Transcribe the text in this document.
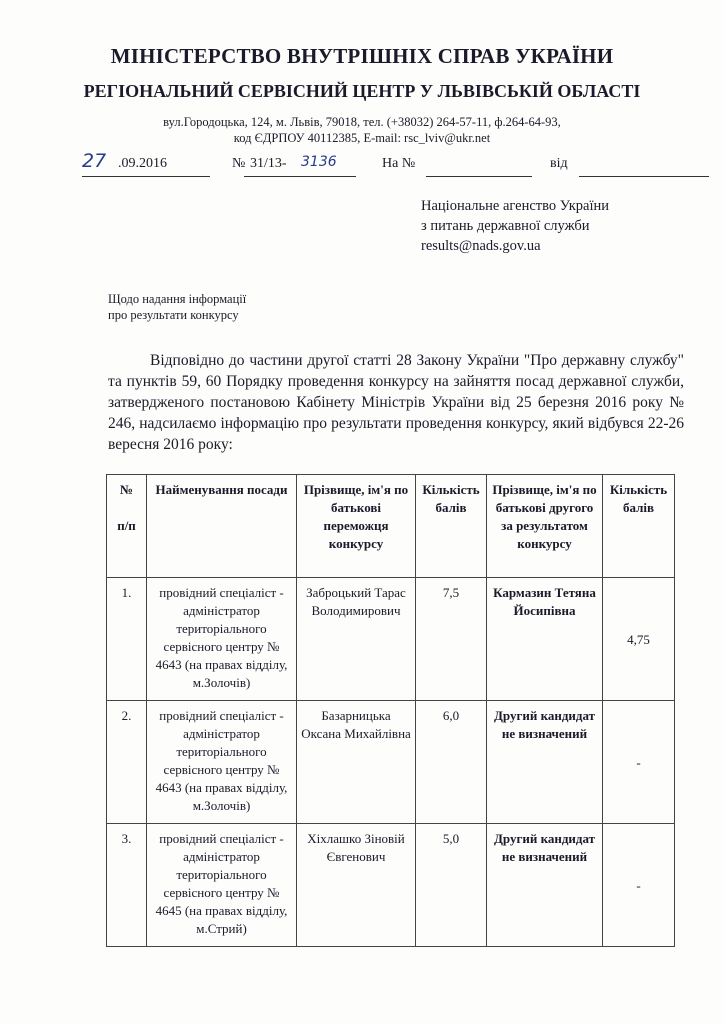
МІНІСТЕРСТВО ВНУТРІШНІХ СПРАВ УКРАЇНИ
РЕГІОНАЛЬНИЙ СЕРВІСНИЙ ЦЕНТР У ЛЬВІВСЬКІЙ ОБЛАСТІ
вул.Городоцька, 124, м. Львів, 79018, тел. (+38032) 264-57-11, ф.264-64-93,
код ЄДРПОУ 40112385, E-mail: rsc_lviv@ukr.net
27 .09.2016	№ 31/13- 3136	На №	від
Національне агенство України
з питань державної служби
results@nads.gov.ua
Щодо надання інформації
про результати конкурсу

Відповідно до частини другої статті 28 Закону України "Про державну службу" та пунктів 59, 60 Порядку проведення конкурсу на зайняття посад державної служби, затвердженого постановою Кабінету Міністрів України від 25 березня 2016 року № 246, надсилаємо інформацію про результати проведення конкурсу, який відбувся 22-26 вересня 2016 року:

№

п/п	Найменування посади	Прізвище, ім'я по батькові переможця конкурсу	Кількість балів	Прізвище, ім'я по батькові другого за результатом конкурсу	Кількість балів
1.	провідний спеціаліст - адміністратор територіального сервісного центру № 4643 (на правах відділу, м.Золочів)	Заброцький Тарас Володимирович	7,5	Кармазин Тетяна Йосипівна	4,75
2.	провідний спеціаліст - адміністратор територіального сервісного центру № 4643 (на правах відділу, м.Золочів)	Базарницька Оксана Михайлівна	6,0	Другий кандидат не визначений	-
3.	провідний спеціаліст - адміністратор територіального сервісного центру № 4645 (на правах відділу, м.Стрий)	Хіхлашко Зіновій Євгенович	5,0	Другий кандидат не визначений	-
